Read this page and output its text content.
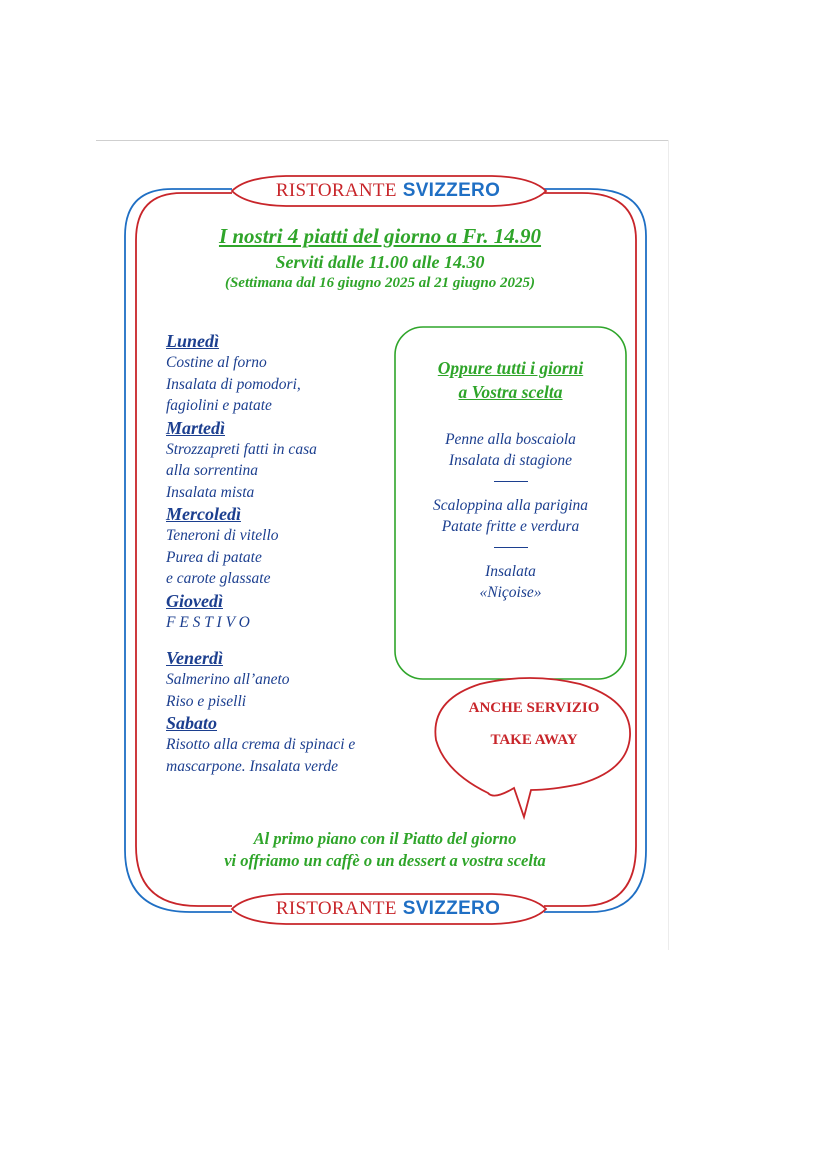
RISTORANTE SVIZZERO
I nostri 4 piatti del giorno a Fr. 14.90
Serviti dalle 11.00 alle 14.30
(Settimana dal 16 giugno 2025 al 21 giugno 2025)
Lunedì
Costine al forno
Insalata di pomodori,
fagiolini e patate
Martedì
Strozzapreti fatti in casa
alla sorrentina
Insalata mista
Mercoledì
Teneroni di vitello
Purea di patate
e carote glassate
Giovedì
F E S T I V O
Venerdì
Salmerino all’aneto
Riso e piselli
Sabato
Risotto alla crema di spinaci e
mascarpone. Insalata verde
Oppure tutti i giorni
a Vostra scelta
Penne alla boscaiola
Insalata di stagione
Scaloppina alla parigina
Patate fritte e verdura
Insalata
«Niçoise»
ANCHE SERVIZIO
TAKE AWAY
Al primo piano con il Piatto del giorno
vi offriamo un caffè o un dessert a vostra scelta
RISTORANTE SVIZZERO
